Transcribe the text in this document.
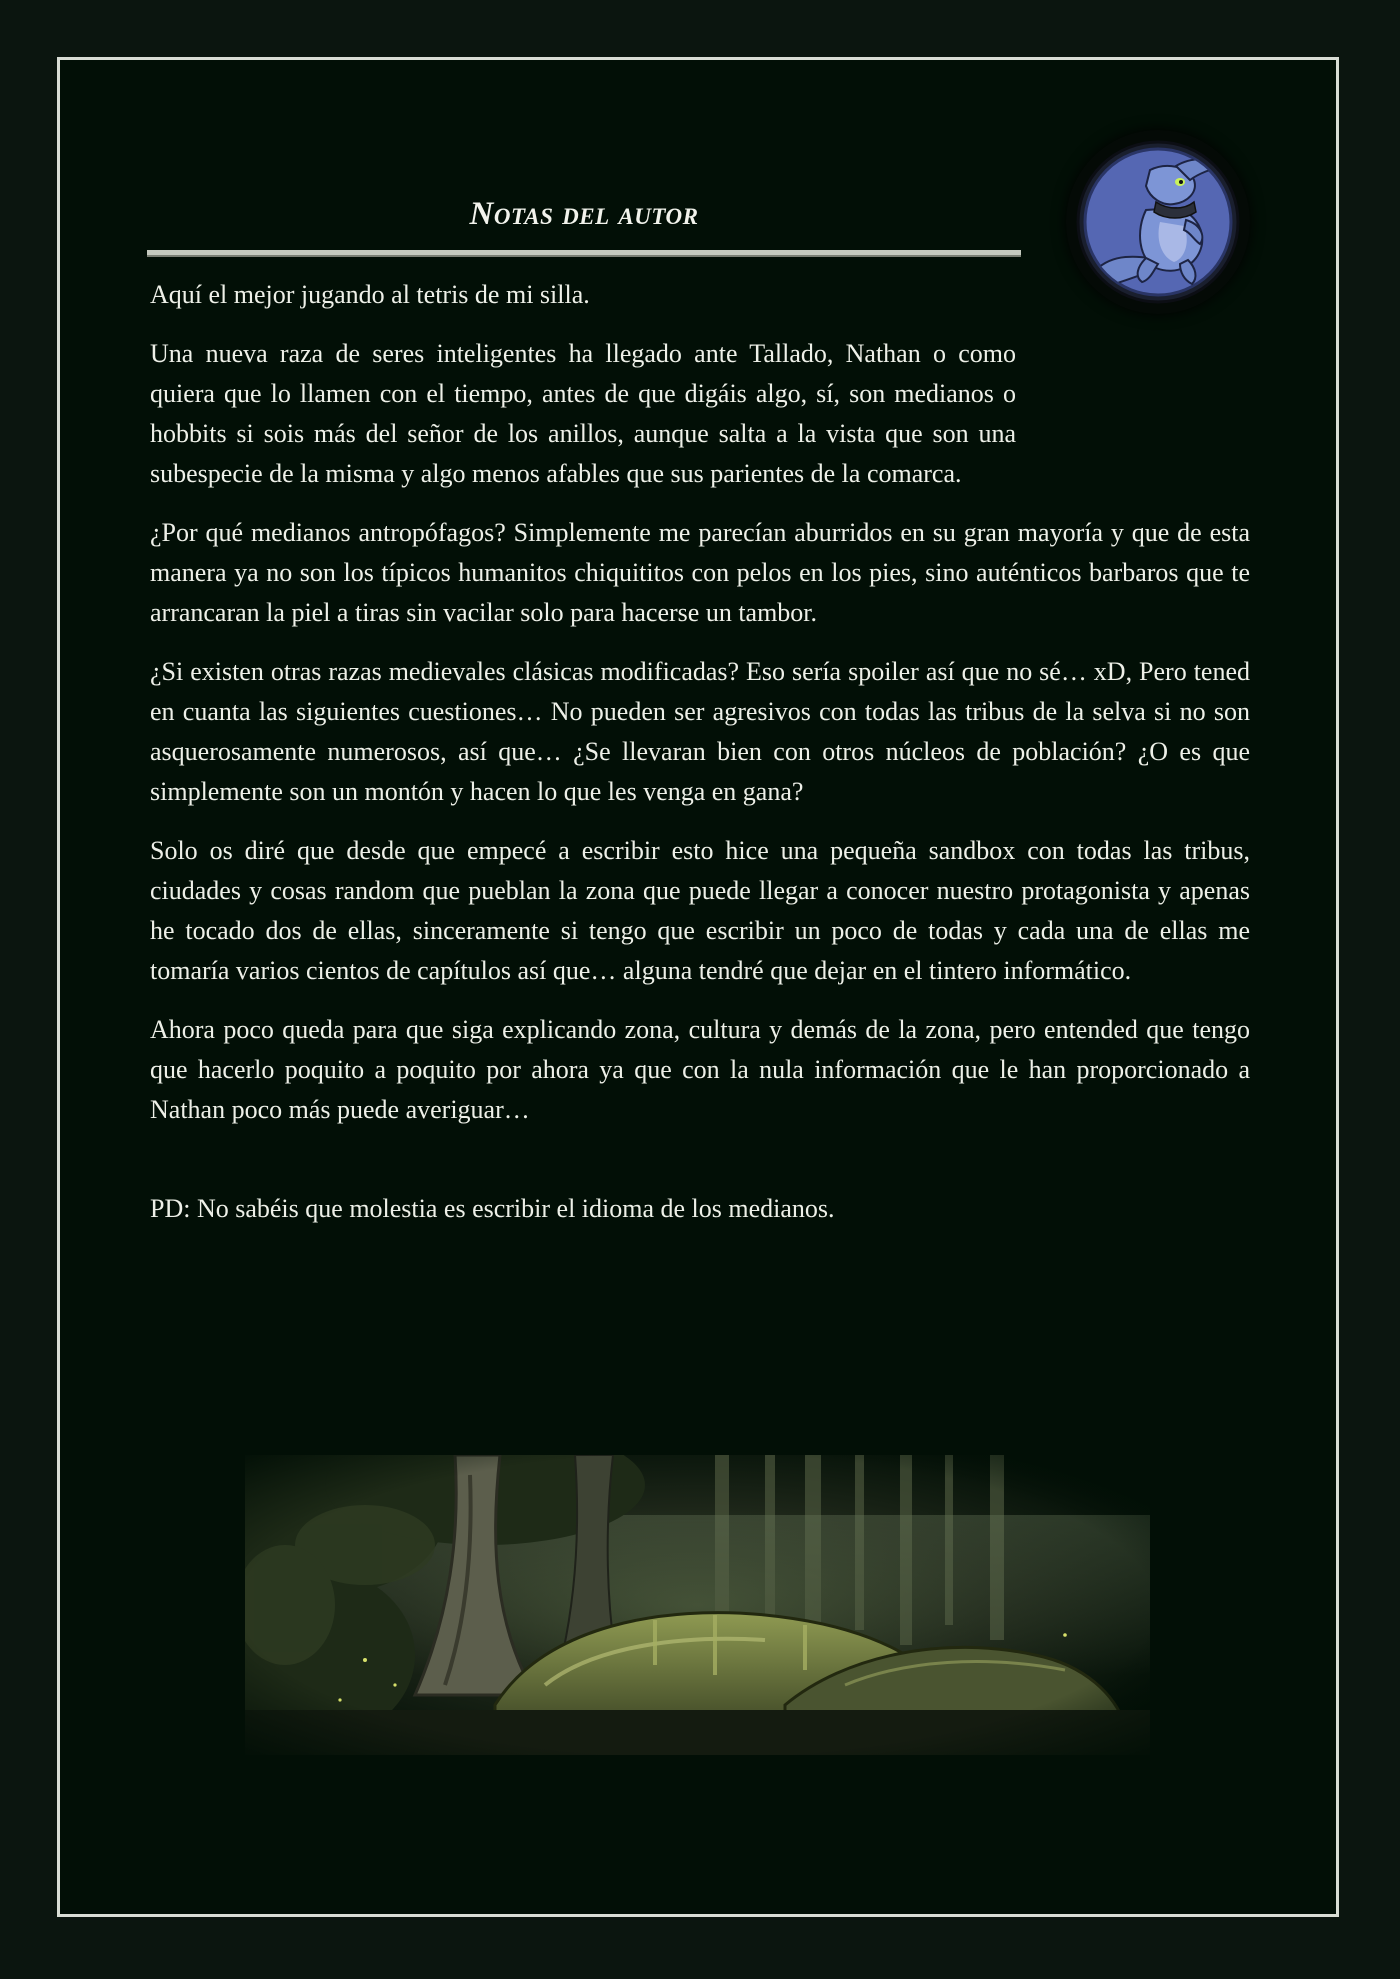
Notas del autor

Aquí el mejor jugando al tetris de mi silla.

Una nueva raza de seres inteligentes ha llegado ante Tallado, Nathan o como quiera que lo llamen con el tiempo, antes de que digáis algo, sí, son medianos o hobbits si sois más del señor de los anillos, aunque salta a la vista que son una subespecie de la misma y algo menos afables que sus parientes de la comarca.

¿Por qué medianos antropófagos? Simplemente me parecían aburridos en su gran mayoría y que de esta manera ya no son los típicos humanitos chiquititos con pelos en los pies, sino auténticos barbaros que te arrancaran la piel a tiras sin vacilar solo para hacerse un tambor.

¿Si existen otras razas medievales clásicas modificadas? Eso sería spoiler así que no sé… xD, Pero tened en cuanta las siguientes cuestiones… No pueden ser agresivos con todas las tribus de la selva si no son asquerosamente numerosos, así que… ¿Se llevaran bien con otros núcleos de población? ¿O es que simplemente son un montón y hacen lo que les venga en gana?

Solo os diré que desde que empecé a escribir esto hice una pequeña sandbox con todas las tribus, ciudades y cosas random que pueblan la zona que puede llegar a conocer nuestro protagonista y apenas he tocado dos de ellas, sinceramente si tengo que escribir un poco de todas y cada una de ellas me tomaría varios cientos de capítulos así que… alguna tendré que dejar en el tintero informático.

Ahora poco queda para que siga explicando zona, cultura y demás de la zona, pero entended que tengo que hacerlo poquito a poquito por ahora ya que con la nula información que le han proporcionado a Nathan poco más puede averiguar…

PD: No sabéis que molestia es escribir el idioma de los medianos.
